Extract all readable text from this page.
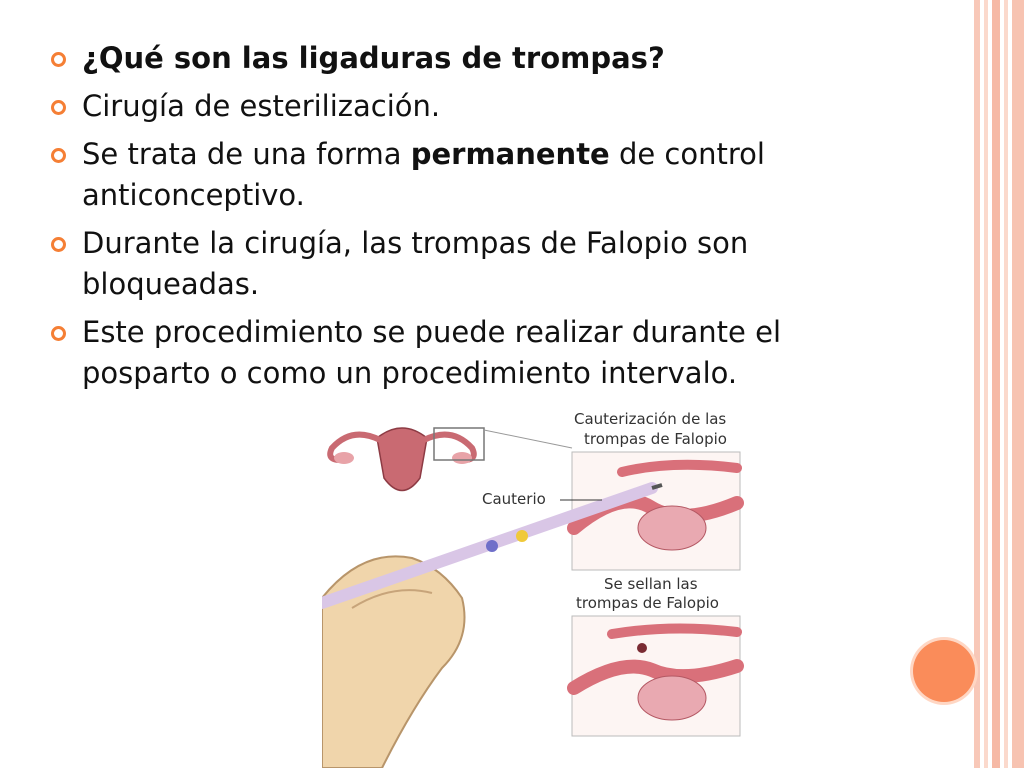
¿Qué son las ligaduras de trompas?
Cirugía de esterilización.
Se trata de una forma permanente de control anticonceptivo.
Durante la cirugía, las trompas de Falopio son bloqueadas.
Este procedimiento se puede realizar durante el posparto o como un procedimiento intervalo.
Cauterio
Cauterización de las
trompas de Falopio
Se sellan las
trompas de Falopio
